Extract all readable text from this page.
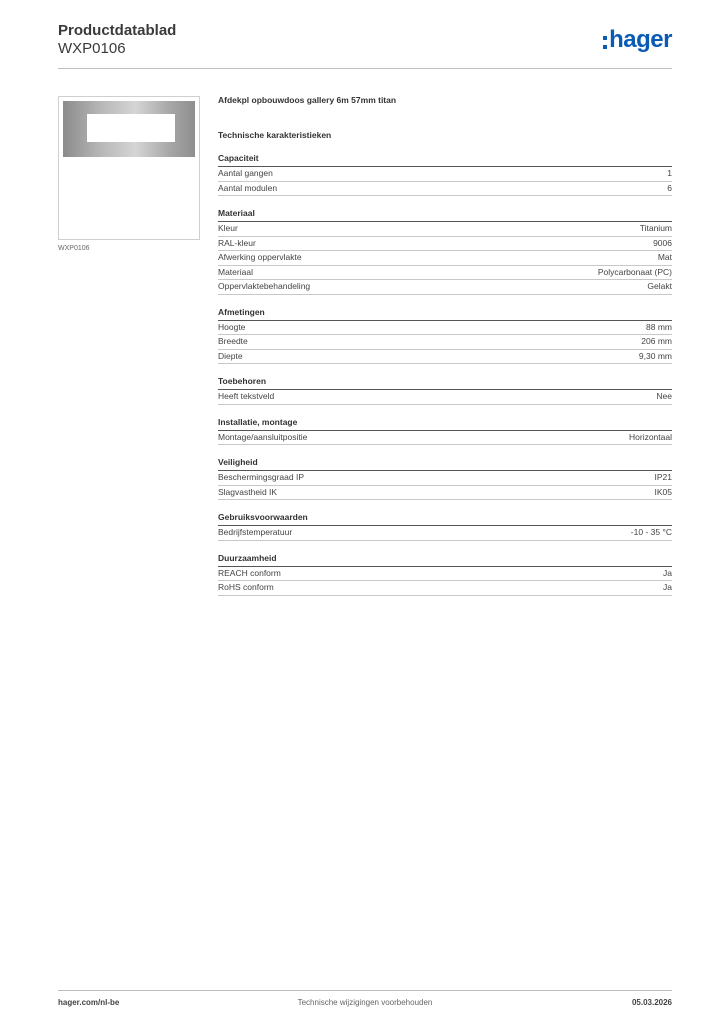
Productdatablad
WXP0106	hager
WXP0106
Afdekpl opbouwdoos gallery 6m 57mm titan
Technische karakteristieken
Capaciteit
Aantal gangen	1
Aantal modulen	6
Materiaal
Kleur	Titanium
RAL-kleur	9006
Afwerking oppervlakte	Mat
Materiaal	Polycarbonaat (PC)
Oppervlaktebehandeling	Gelakt
Afmetingen
Hoogte	88 mm
Breedte	206 mm
Diepte	9,30 mm
Toebehoren
Heeft tekstveld	Nee
Installatie, montage
Montage/aansluitpositie	Horizontaal
Veiligheid
Beschermingsgraad IP	IP21
Slagvastheid IK	IK05
Gebruiksvoorwaarden
Bedrijfstemperatuur	-10 - 35 °C
Duurzaamheid
REACH conform	Ja
RoHS conform	Ja
hager.com/nl-be	Technische wijzigingen voorbehouden	05.03.2026
